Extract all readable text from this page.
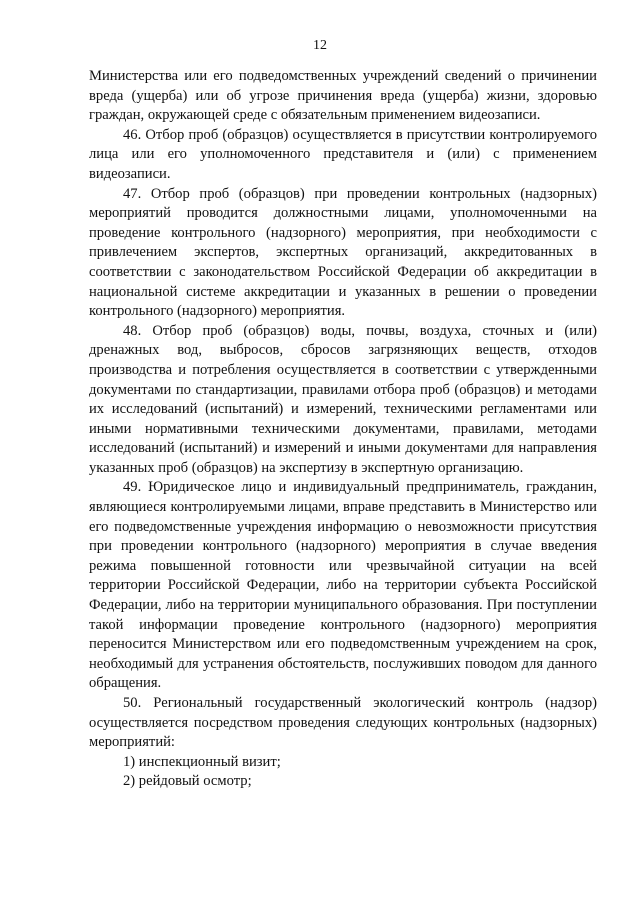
12

Министерства или его подведомственных учреждений сведений о причинении вреда (ущерба) или об угрозе причинения вреда (ущерба) жизни, здоровью граждан, окружающей среде с обязательным применением видеозаписи.

46. Отбор проб (образцов) осуществляется в присутствии контролируемого лица или его уполномоченного представителя и (или) с применением видеозаписи.

47. Отбор проб (образцов) при проведении контрольных (надзорных) мероприятий проводится должностными лицами, уполномоченными на проведение контрольного (надзорного) мероприятия, при необходимости с привлечением экспертов, экспертных организаций, аккредитованных в соответствии с законодательством Российской Федерации об аккредитации в национальной системе аккредитации и указанных в решении о проведении контрольного (надзорного) мероприятия.

48. Отбор проб (образцов) воды, почвы, воздуха, сточных и (или) дренажных вод, выбросов, сбросов загрязняющих веществ, отходов производства и потребления осуществляется в соответствии с утвержденными документами по стандартизации, правилами отбора проб (образцов) и методами их исследований (испытаний) и измерений, техническими регламентами или иными нормативными техническими документами, правилами, методами исследований (испытаний) и измерений и иными документами для направления указанных проб (образцов) на экспертизу в экспертную организацию.

49. Юридическое лицо и индивидуальный предприниматель, гражданин, являющиеся контролируемыми лицами, вправе представить в Министерство или его подведомственные учреждения информацию о невозможности присутствия при проведении контрольного (надзорного) мероприятия в случае введения режима повышенной готовности или чрезвычайной ситуации на всей территории Российской Федерации, либо на территории субъекта Российской Федерации, либо на территории муниципального образования. При поступлении такой информации проведение контрольного (надзорного) мероприятия переносится Министерством или его подведомственным учреждением на срок, необходимый для устранения обстоятельств, послуживших поводом для данного обращения.

50. Региональный государственный экологический контроль (надзор) осуществляется посредством проведения следующих контрольных (надзорных) мероприятий:

1) инспекционный визит;

2) рейдовый осмотр;
